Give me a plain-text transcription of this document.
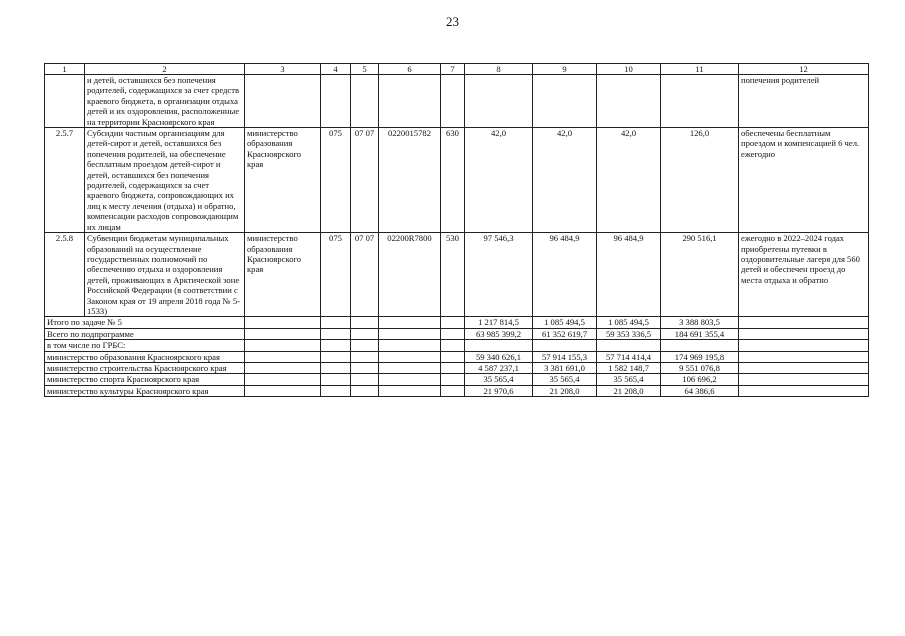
23
1	2	3	4	5	6	7	8	9	10	11	12
	и детей, оставшихся без попечения родителей, содержащихся за счет средств краевого бюджета, в организации отдыха детей и их оздоровления, расположенные на территории Красноярского края										попечения родителей
2.5.7	Субсидии частным организациям для детей-сирот и детей, оставшихся без попечения родителей, на обеспечение бесплатным проездом детей-сирот и детей, оставшихся без попечения родителей, содержащихся за счет краевого бюджета, сопровождающих их лиц к месту лечения (отдыха) и обратно, компенсации расходов сопровождающим их лицам	министерство образования Красноярского края	075	07 07	0220015782	630	42,0	42,0	42,0	126,0	обеспечены бесплатным проездом и компенсацией 6 чел. ежегодно
2.5.8	Субвенции бюджетам муниципальных образований на осуществление государственных полномочий по обеспечению отдыха и оздоровления детей, проживающих в Арктической зоне Российской Федерации (в соответствии с Законом края от 19 апреля 2018 года № 5-1533)	министерство образования Красноярского края	075	07 07	02200R7800	530	97 546,3	96 484,9	96 484,9	290 516,1	ежегодно в 2022–2024 годах приобретены путевки в оздоровительные лагеря для 560 детей и обеспечен проезд до места отдыха и обратно
Итого по задаче № 5							1 217 814,5	1 085 494,5	1 085 494,5	3 388 803,5	
Всего по подпрограмме							63 985 399,2	61 352 619,7	59 353 336,5	184 691 355,4	
в том числе по ГРБС:											
министерство образования Красноярского края							59 340 626,1	57 914 155,3	57 714 414,4	174 969 195,8	
министерство строительства Красноярского края							4 587 237,1	3 381 691,0	1 582 148,7	9 551 076,8	
министерство спорта Красноярского края							35 565,4	35 565,4	35 565,4	106 696,2	
министерство культуры Красноярского края							21 970,6	21 208,0	21 208,0	64 386,6	
